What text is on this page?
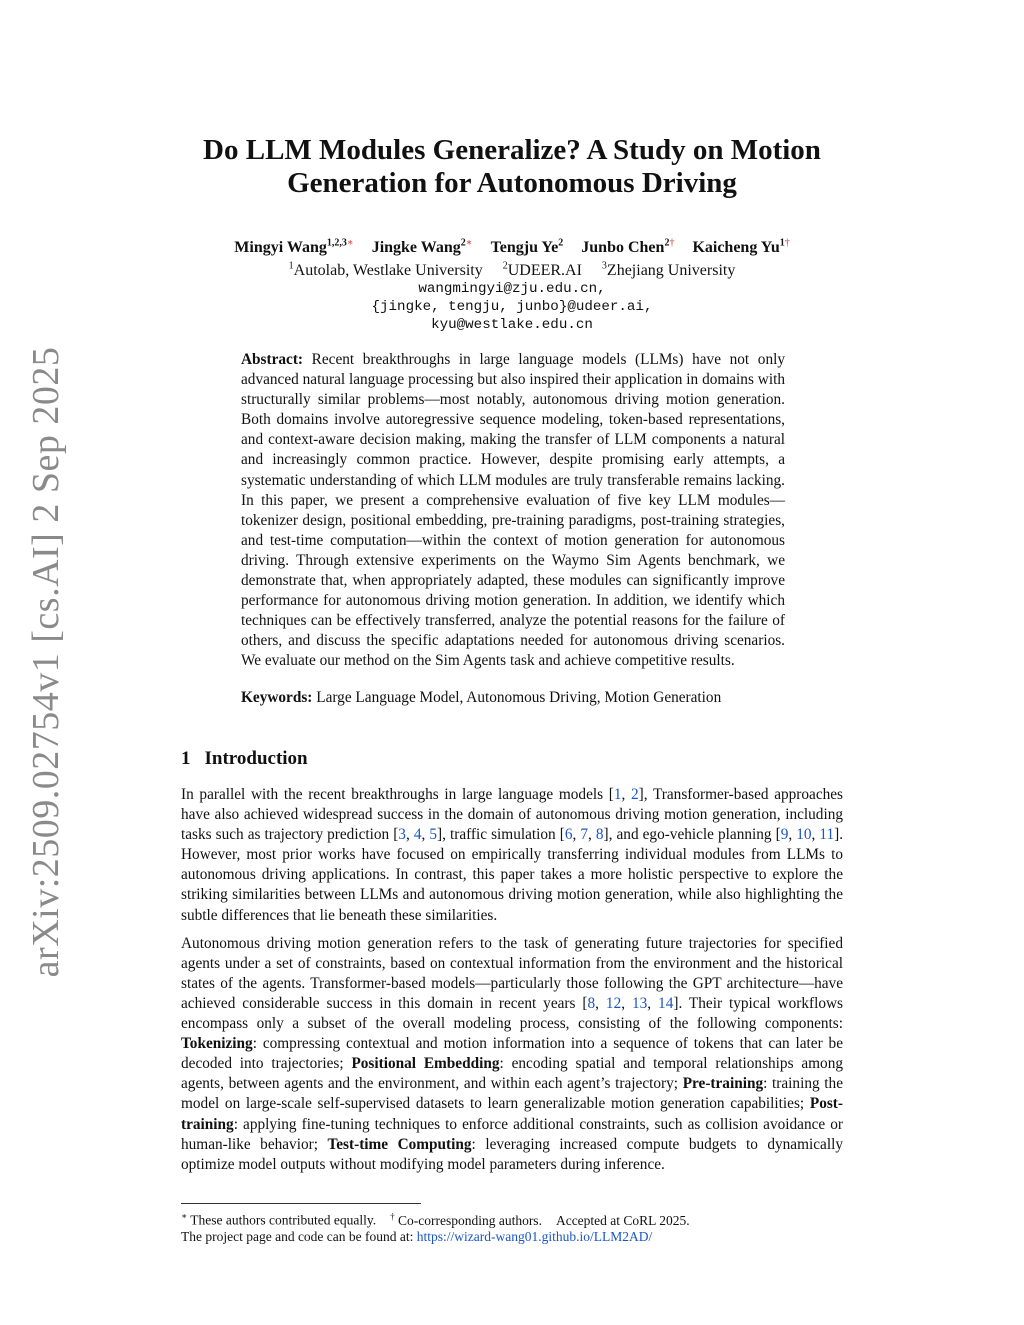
arXiv:2509.02754v1 [cs.AI] 2 Sep 2025
Do LLM Modules Generalize? A Study on Motion
Generation for Autonomous Driving
Mingyi Wang$^{1,2,3∗}$ Jingke Wang$^{2∗}$ Tengju Ye$^2$ Junbo Chen$^{2\dagger}$ Kaicheng $Yu^{1\dagger}$
$^1$Autolab, Westlake University $^2$UDEER.AI $^3$Zhejiang University
wangmingyi@zju.edu.cn,
{jingke, tengju, junbo}@udeer.ai,
kyu@westlake.edu.cn

Abstract: Recent breakthroughs in large language models (LLMs) have not only advanced natural language processing but also inspired their application in domains with structurally similar problems—most notably, autonomous driving motion generation. Both domains involve autoregressive sequence modeling, token-based representations, and context-aware decision making, making the transfer of LLM components a natural and increasingly common practice. However, despite promising early attempts, a systematic understanding of which LLM modules are truly transferable remains lacking. In this paper, we present a comprehensive evaluation of five key LLM modules—tokenizer design, positional embedding, pre-training paradigms, post-training strategies, and test-time computation—within the context of motion generation for autonomous driving. Through extensive experiments on the Waymo Sim Agents benchmark, we demonstrate that, when appropriately adapted, these modules can significantly improve performance for autonomous driving motion generation. In addition, we identify which techniques can be effectively transferred, analyze the potential reasons for the failure of others, and discuss the specific adaptations needed for autonomous driving scenarios. We evaluate our method on the Sim Agents task and achieve competitive results.

Keywords: Large Language Model, Autonomous Driving, Motion Generation

1 Introduction

In parallel with the recent breakthroughs in large language models [1, 2], Transformer-based approaches have also achieved widespread success in the domain of autonomous driving motion generation, including tasks such as trajectory prediction [3, 4, 5], traffic simulation [6, 7, 8], and ego-vehicle planning [9, 10, 11]. However, most prior works have focused on empirically transferring individual modules from LLMs to autonomous driving applications. In contrast, this paper takes a more holistic perspective to explore the striking similarities between LLMs and autonomous driving motion generation, while also highlighting the subtle differences that lie beneath these similarities.

Autonomous driving motion generation refers to the task of generating future trajectories for specified agents under a set of constraints, based on contextual information from the environment and the historical states of the agents. Transformer-based models—particularly those following the GPT architecture—have achieved considerable success in this domain in recent years [8, 12, 13, 14]. Their typical workflows encompass only a subset of the overall modeling process, consisting of the following components: Tokenizing: compressing contextual and motion information into a sequence of tokens that can later be decoded into trajectories; Positional Embedding: encoding spatial and temporal relationships among agents, between agents and the environment, and within each agent’s trajectory; Pre-training: training the model on large-scale self-supervised datasets to learn generalizable motion generation capabilities; Post-training: applying fine-tuning techniques to enforce additional constraints, such as collision avoidance or human-like behavior; Test-time Computing: leveraging increased compute budgets to dynamically optimize model outputs without modifying model parameters during inference.

∗ These authors contributed equally. † Co-corresponding authors. Accepted at CoRL 2025.
The project page and code can be found at: https://wizard-wang01.github.io/LLM2AD/
